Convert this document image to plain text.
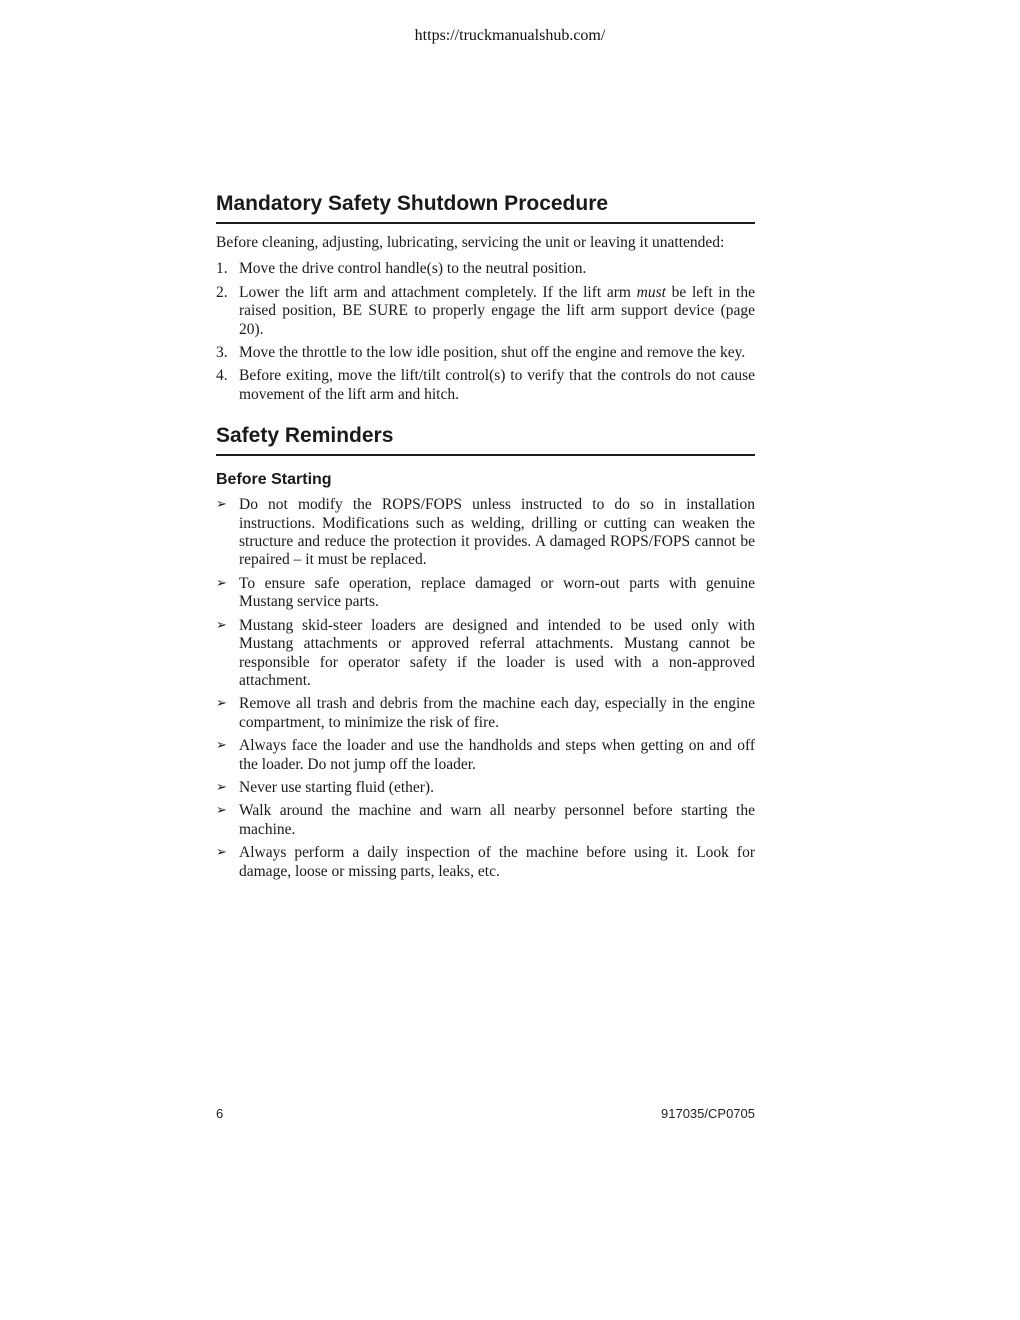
https://truckmanualshub.com/
Mandatory Safety Shutdown Procedure

Before cleaning, adjusting, lubricating, servicing the unit or leaving it unattended:

1. Move the drive control handle(s) to the neutral position.
2. Lower the lift arm and attachment completely. If the lift arm must be left in the raised position, BE SURE to properly engage the lift arm support device (page 20).
3. Move the throttle to the low idle position, shut off the engine and remove the key.
4. Before exiting, move the lift/tilt control(s) to verify that the controls do not cause movement of the lift arm and hitch.
Safety Reminders
Before Starting
➢ Do not modify the ROPS/FOPS unless instructed to do so in installation instructions. Modifications such as welding, drilling or cutting can weaken the structure and reduce the protection it provides. A damaged ROPS/FOPS cannot be repaired – it must be replaced.
➢ To ensure safe operation, replace damaged or worn-out parts with genuine Mustang service parts.
➢ Mustang skid-steer loaders are designed and intended to be used only with Mustang attachments or approved referral attachments. Mustang cannot be responsible for operator safety if the loader is used with a non-approved attachment.
➢ Remove all trash and debris from the machine each day, especially in the engine compartment, to minimize the risk of fire.
➢ Always face the loader and use the handholds and steps when getting on and off the loader. Do not jump off the loader.
➢ Never use starting fluid (ether).
➢ Walk around the machine and warn all nearby personnel before starting the machine.
➢ Always perform a daily inspection of the machine before using it. Look for damage, loose or missing parts, leaks, etc.
6	917035/CP0705
